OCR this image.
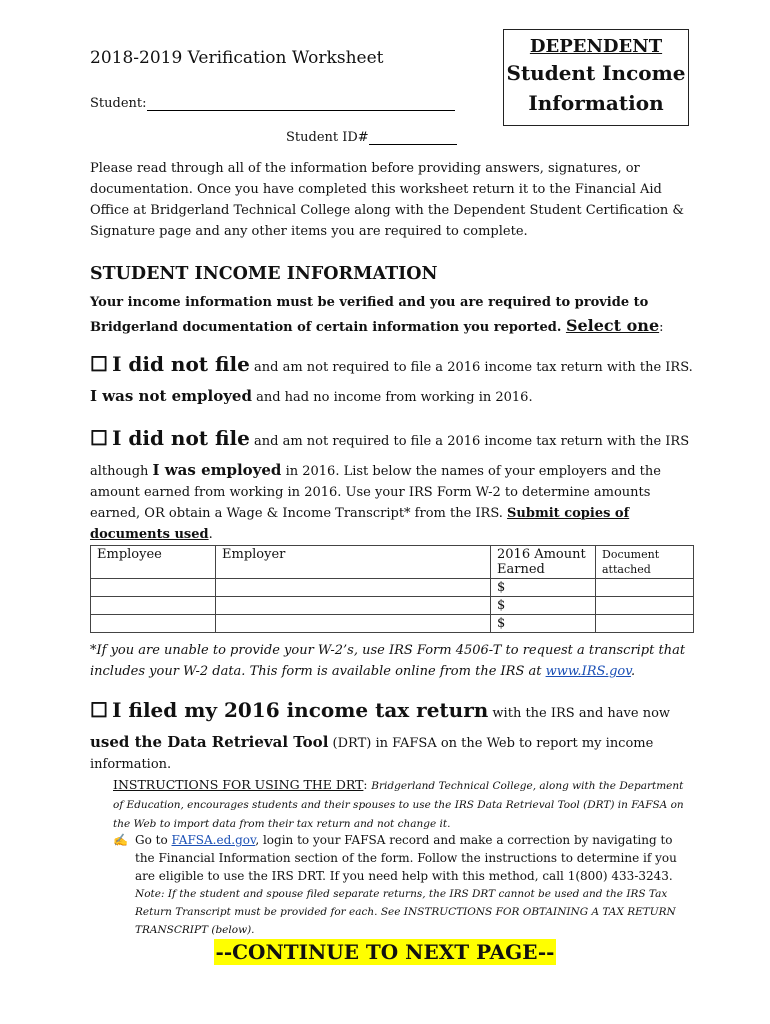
2018-2019 Verification Worksheet
Student:
Student ID#
DEPENDENT
Student Income
Information
Please read through all of the information before providing answers, signatures, or documentation. Once you have completed this worksheet return it to the Financial Aid Office at Bridgerland Technical College along with the Dependent Student Certification & Signature page and any other items you are required to complete.
STUDENT INCOME INFORMATION
Your income information must be verified and you are required to provide to Bridgerland documentation of certain information you reported. Select one:
☐ I did not file and am not required to file a 2016 income tax return with the IRS.
I was not employed and had no income from working in 2016.
☐ I did not file and am not required to file a 2016 income tax return with the IRS
although I was employed in 2016. List below the names of your employers and the amount earned from working in 2016. Use your IRS Form W-2 to determine amounts earned, OR obtain a Wage & Income Transcript* from the IRS. Submit copies of documents used.
Employee	Employer	2016 Amount Earned	Document attached
		$	
		$	
		$	
*If you are unable to provide your W-2’s, use IRS Form 4506-T to request a transcript that includes your W-2 data. This form is available online from the IRS at www.IRS.gov.
☐ I filed my 2016 income tax return with the IRS and have now
used the Data Retrieval Tool (DRT) in FAFSA on the Web to report my income information.
INSTRUCTIONS FOR USING THE DRT: Bridgerland Technical College, along with the Department of Education, encourages students and their spouses to use the IRS Data Retrieval Tool (DRT) in FAFSA on the Web to import data from their tax return and not change it.
✍ Go to FAFSA.ed.gov, login to your FAFSA record and make a correction by navigating to the Financial Information section of the form. Follow the instructions to determine if you are eligible to use the IRS DRT. If you need help with this method, call 1(800) 433-3243.
Note: If the student and spouse filed separate returns, the IRS DRT cannot be used and the IRS Tax Return Transcript must be provided for each. See INSTRUCTIONS FOR OBTAINING A TAX RETURN TRANSCRIPT (below).
--CONTINUE TO NEXT PAGE--
